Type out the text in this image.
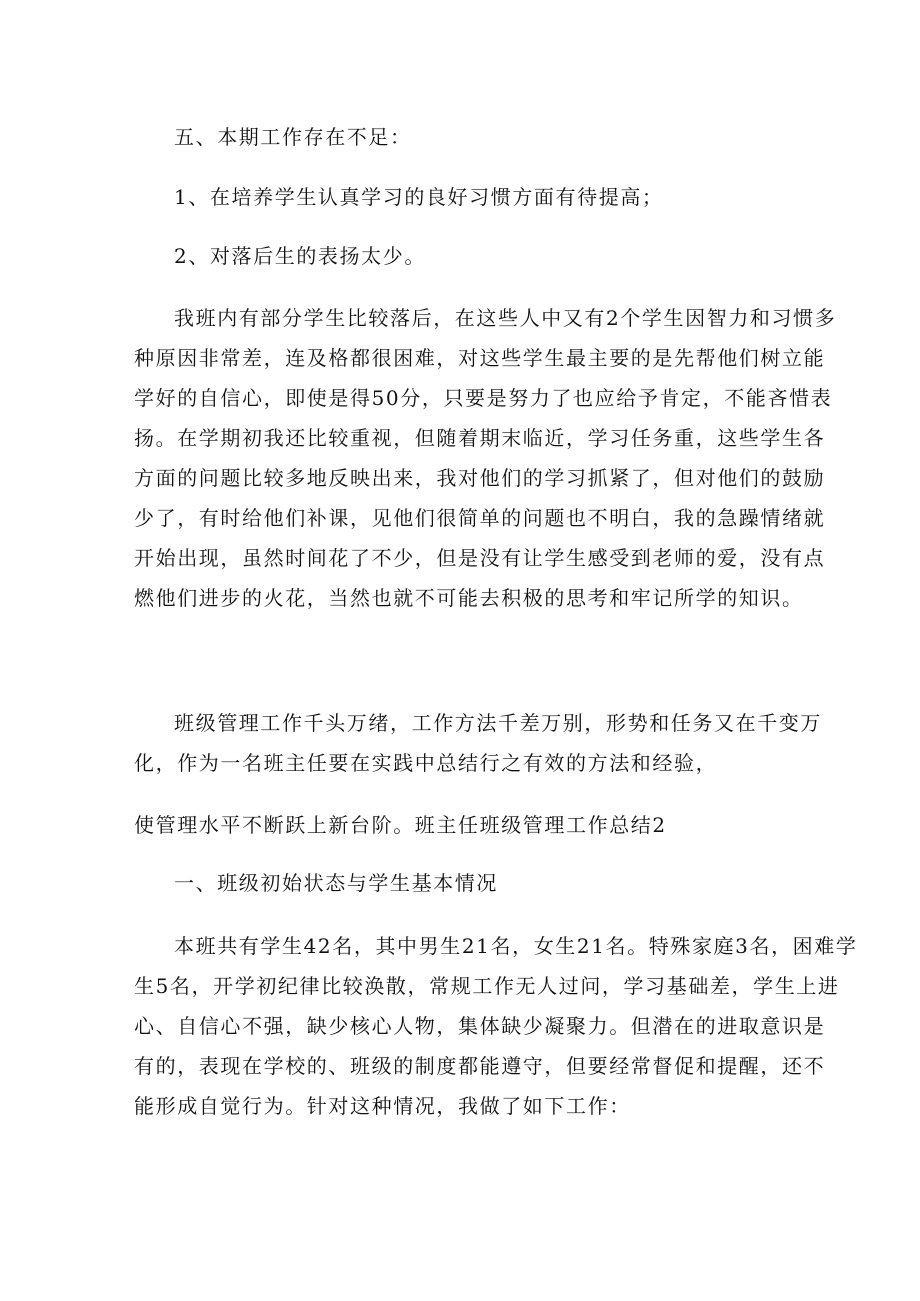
五、本期工作存在不足：

1、在培养学生认真学习的良好习惯方面有待提高；

2、对落后生的表扬太少。

我班内有部分学生比较落后，在这些人中又有2个学生因智力和习惯多
种原因非常差，连及格都很困难，对这些学生最主要的是先帮他们树立能
学好的自信心，即使是得50分，只要是努力了也应给予肯定，不能吝惜表
扬。在学期初我还比较重视，但随着期末临近，学习任务重，这些学生各
方面的问题比较多地反映出来，我对他们的学习抓紧了，但对他们的鼓励
少了，有时给他们补课，见他们很简单的问题也不明白，我的急躁情绪就
开始出现，虽然时间花了不少，但是没有让学生感受到老师的爱，没有点
燃他们进步的火花，当然也就不可能去积极的思考和牢记所学的知识。

班级管理工作千头万绪，工作方法千差万别，形势和任务又在千变万
化，作为一名班主任要在实践中总结行之有效的方法和经验，

使管理水平不断跃上新台阶。班主任班级管理工作总结2

一、班级初始状态与学生基本情况

本班共有学生42名，其中男生21名，女生21名。特殊家庭3名，困难学
生5名，开学初纪律比较涣散，常规工作无人过问，学习基础差，学生上进
心、自信心不强，缺少核心人物，集体缺少凝聚力。但潜在的进取意识是
有的，表现在学校的、班级的制度都能遵守，但要经常督促和提醒，还不
能形成自觉行为。针对这种情况，我做了如下工作：
